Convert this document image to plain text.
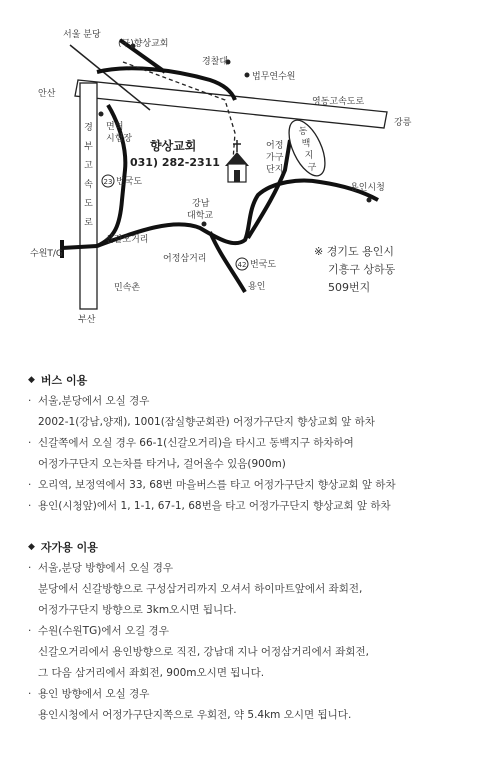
23
42
서울 분당
(구)향상교회
경찰대
법무연수원
안산
영동고속도로
강릉
면허
시험장
경
부
고
속
도
로
번국도
향상교회
031) 282-2311
어정
가구
단지
동
백
지
구
용인시청
강남
대학교
신갈오거리
수원T/G	어정삼거리
번국도
민속촌	용인
부산
※ 경기도 용인시
기흥구 상하동
509번지

◆ 버스 이용

· 서울,분당에서 오실 경우

2002-1(강남,양재), 1001(잠실향군회관) 어정가구단지 향상교회 앞 하차

· 신갈쪽에서 오실 경우 66-1(신갈오거리)을 타시고 동백지구 하차하여

어정가구단지 오는차를 타거나, 걸어올수 있음(900m)

· 오리역, 보정역에서 33, 68번 마을버스를 타고 어정가구단지 향상교회 앞 하차

· 용인(시청앞)에서 1, 1-1, 67-1, 68번을 타고 어정가구단지 향상교회 앞 하차

◆ 자가용 이용

· 서울,분당 방향에서 오실 경우

분당에서 신갈방향으로 구성삼거리까지 오셔서 하이마트앞에서 좌회전,

어정가구단지 방향으로 3km오시면 됩니다.

· 수원(수원TG)에서 오길 경우

신갈오거리에서 용인방향으로 직진, 강남대 지나 어정삼거리에서 좌회전,

그 다음 삼거리에서 좌회전, 900m오시면 됩니다.

· 용인 방향에서 오실 경우

용인시청에서 어정가구단지쪽으로 우회전, 약 5.4km 오시면 됩니다.
